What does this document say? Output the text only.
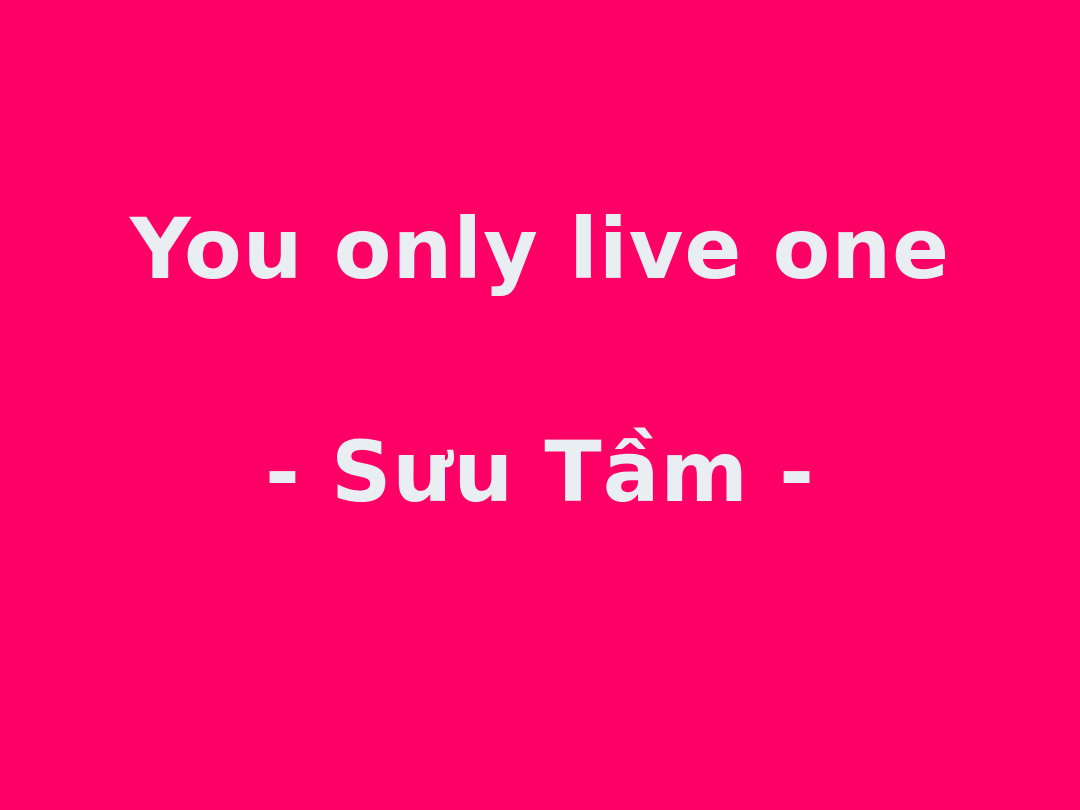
You only live one
- Sưu Tầm -
